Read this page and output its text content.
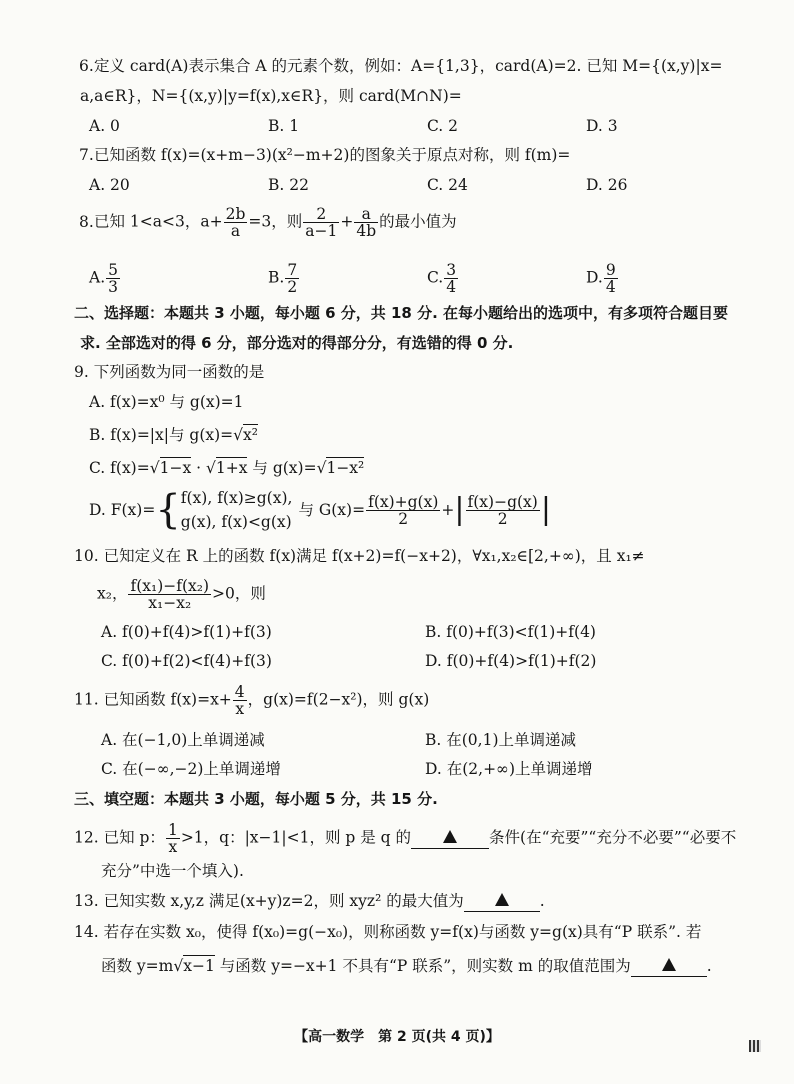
6. 定义 card(A)表示集合 A 的元素个数，例如：A={1,3}，card(A)=2. 已知 M={(x,y)|x=
a,a∈R}，N={(x,y)|y=f(x),x∈R}，则 card(M∩N)=
A. 0	B. 1	C. 2	D. 3
7. 已知函数 f(x)=(x+m−3)(x²−m+2)的图象关于原点对称，则 f(m)=
A. 20	B. 22	C. 24	D. 26
8. 已知 1<a<3，$a+ \frac{2b}{a} =3$，则 $\frac{2}{a-1} + \frac{a}{4b}$ 的最小值为
A. $\frac{5}{3}$	B. $\frac{7}{2}$	C. $\frac{3}{4}$	D. $\frac{9}{4}$
二、选择题：本题共 3 小题，每小题 6 分，共 18 分. 在每小题给出的选项中，有多项符合题目要
求. 全部选对的得 6 分，部分选对的得部分分，有选错的得 0 分.
9. 下列函数为同一函数的是
A. f(x)=x⁰ 与 g(x)=1
B. f(x)=|x|与 g(x)=√x²
C. f(x)=√1−x · √1+x 与 g(x)=√1−x²
D. F(x)= { f(x), f(x)≥g(x),
g(x), f(x)<g(x)
与 $G(x)= \frac{f(x)+g(x)}{2}$ + | $\frac{f(x)-g(x)}{2}$ |
10. 已知定义在 R 上的函数 f(x)满足 f(x+2)=f(−x+2)，∀x₁,x₂∈[2,+∞)，且 x₁≠
x₂， $\frac{\text{f(x₁)−f(x₂)}}{\text{x₁−x₂}} >0$，则
A. f(0)+f(4)>f(1)+f(3)	B. f(0)+f(3)<f(1)+f(4)
C. f(0)+f(2)<f(4)+f(3)	D. f(0)+f(4)>f(1)+f(2)
11. 已知函数 $f(x)=x+ \frac{4}{x}$ ，g(x)=f(2−x²)，则 g(x)
A. 在(−1,0)上单调递减	B. 在(0,1)上单调递减
C. 在(−∞,−2)上单调递增	D. 在(2,+∞)上单调递增
三、填空题：本题共 3 小题，每小题 5 分，共 15 分.
12. 已知 p： $\frac{1}{x} >1$，q：|x−1|<1，则 p 是 q 的	条件(在“充要”“充分不必要”“必要不
充分”中选一个填入).
13. 已知实数 x,y,z 满足(x+y)z=2，则 xyz² 的最大值为	.
14. 若存在实数 x₀，使得 f(x₀)=g(−x₀)，则称函数 y=f(x)与函数 y=g(x)具有“P 联系”. 若
函数 y=m√x−1 与函数 y=−x+1 不具有“P 联系”，则实数 m 的取值范围为	.
【高一数学　第 2 页(共 4 页)】
